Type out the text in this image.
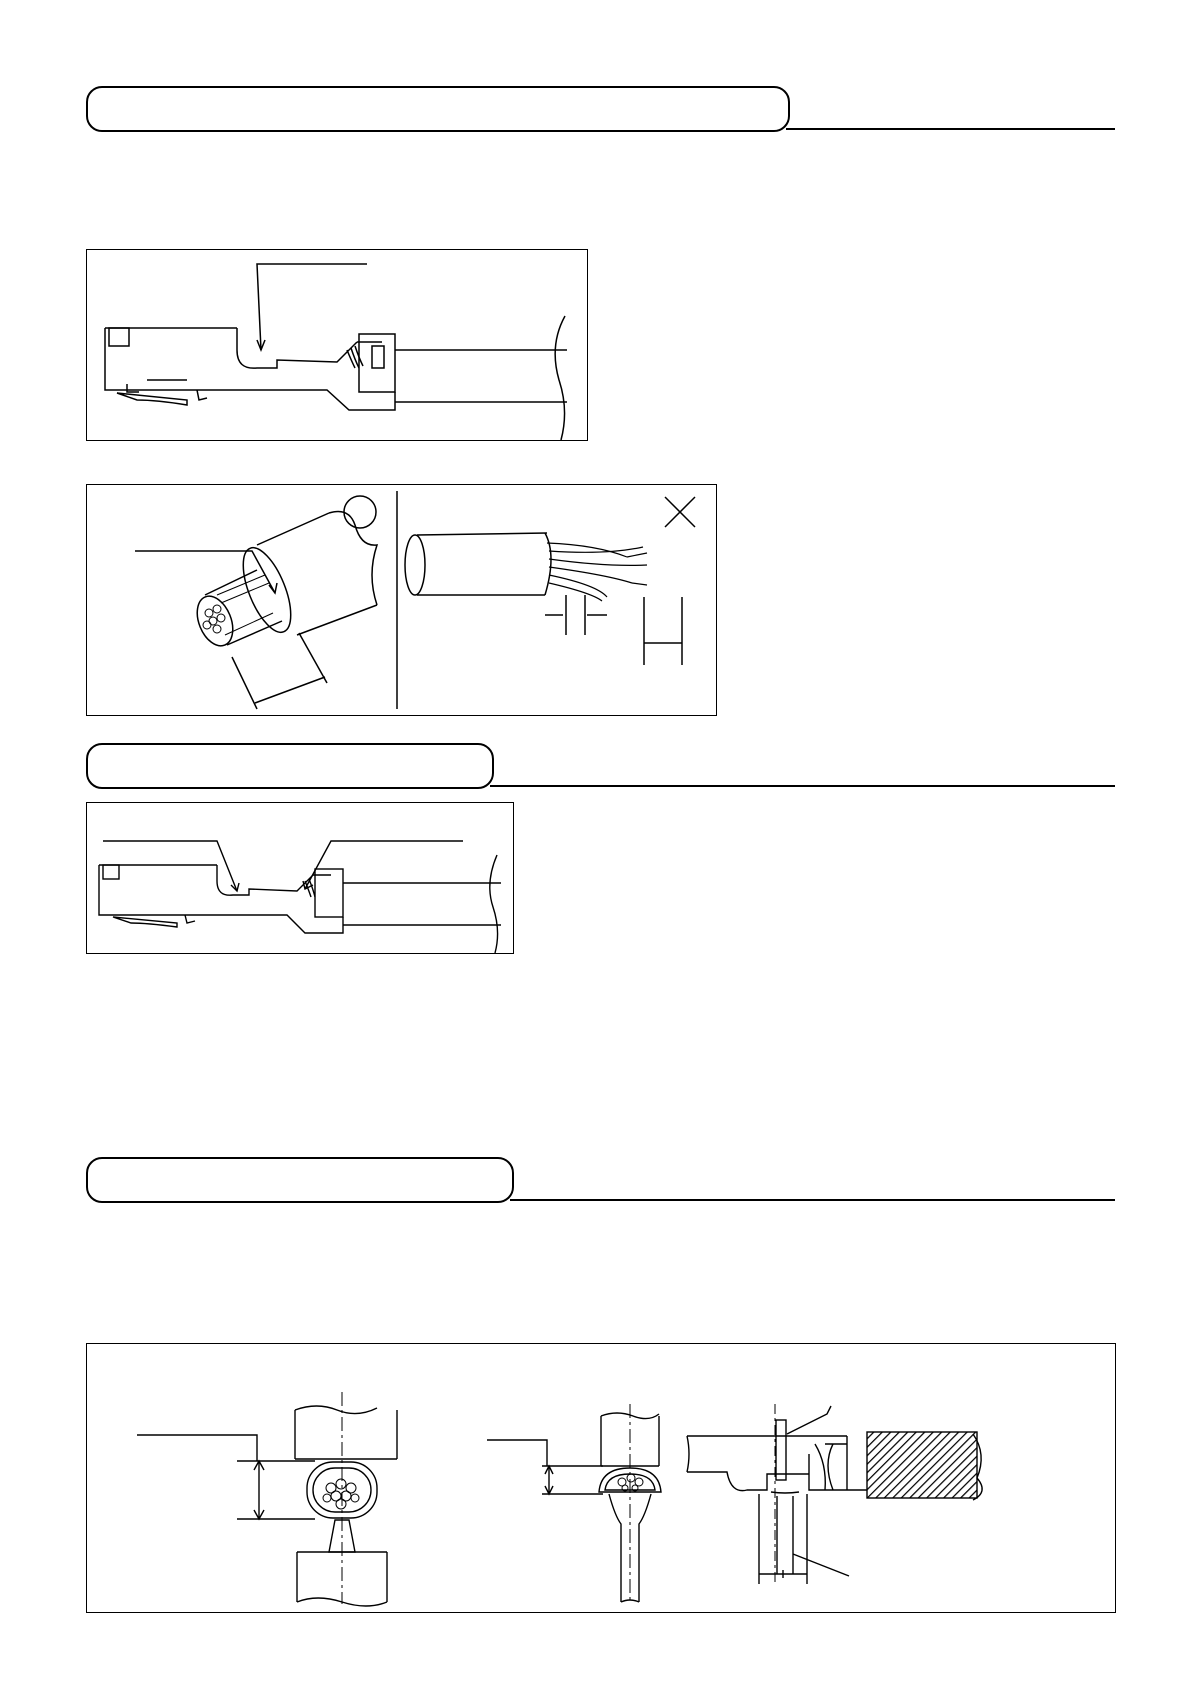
○	×
